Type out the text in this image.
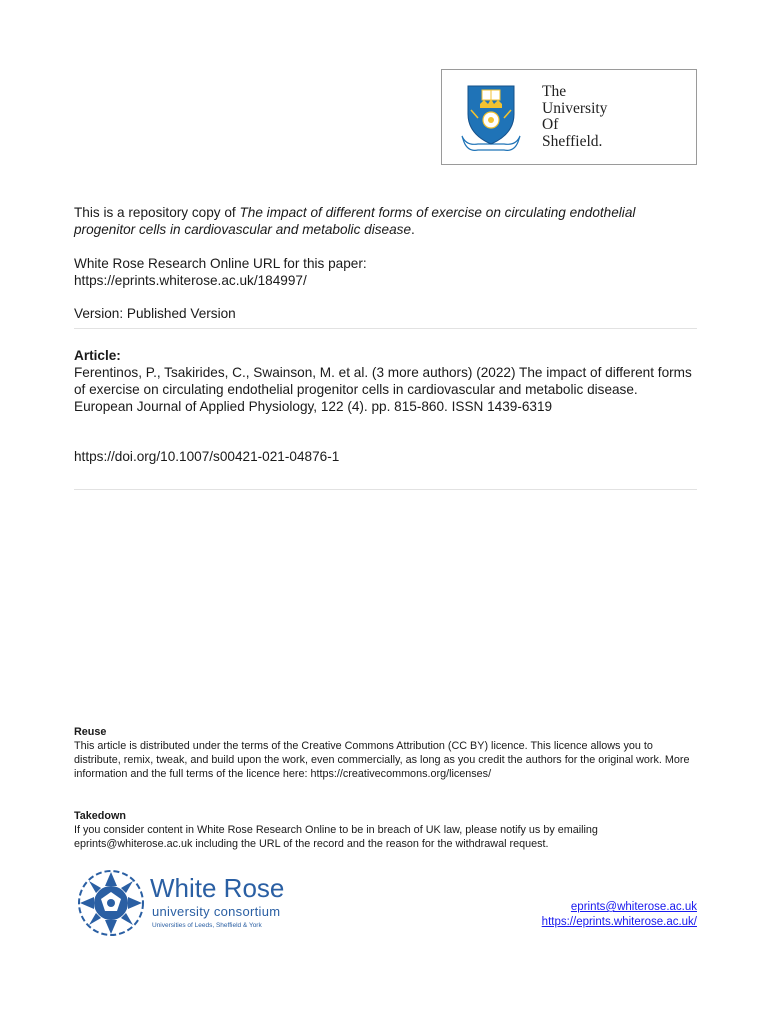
The
University
Of
Sheffield.
This is a repository copy of The impact of different forms of exercise on circulating endothelial progenitor cells in cardiovascular and metabolic disease.
White Rose Research Online URL for this paper:
https://eprints.whiterose.ac.uk/184997/
Version: Published Version
Article:
Ferentinos, P., Tsakirides, C., Swainson, M. et al. (3 more authors) (2022) The impact of different forms of exercise on circulating endothelial progenitor cells in cardiovascular and metabolic disease. European Journal of Applied Physiology, 122 (4). pp. 815-860. ISSN 1439-6319
https://doi.org/10.1007/s00421-021-04876-1
Reuse
This article is distributed under the terms of the Creative Commons Attribution (CC BY) licence. This licence allows you to distribute, remix, tweak, and build upon the work, even commercially, as long as you credit the authors for the original work. More information and the full terms of the licence here: https://creativecommons.org/licenses/
Takedown
If you consider content in White Rose Research Online to be in breach of UK law, please notify us by emailing eprints@whiterose.ac.uk including the URL of the record and the reason for the withdrawal request.
White Rose
university consortium
Universities of Leeds, Sheffield & York
eprints@whiterose.ac.uk
https://eprints.whiterose.ac.uk/
